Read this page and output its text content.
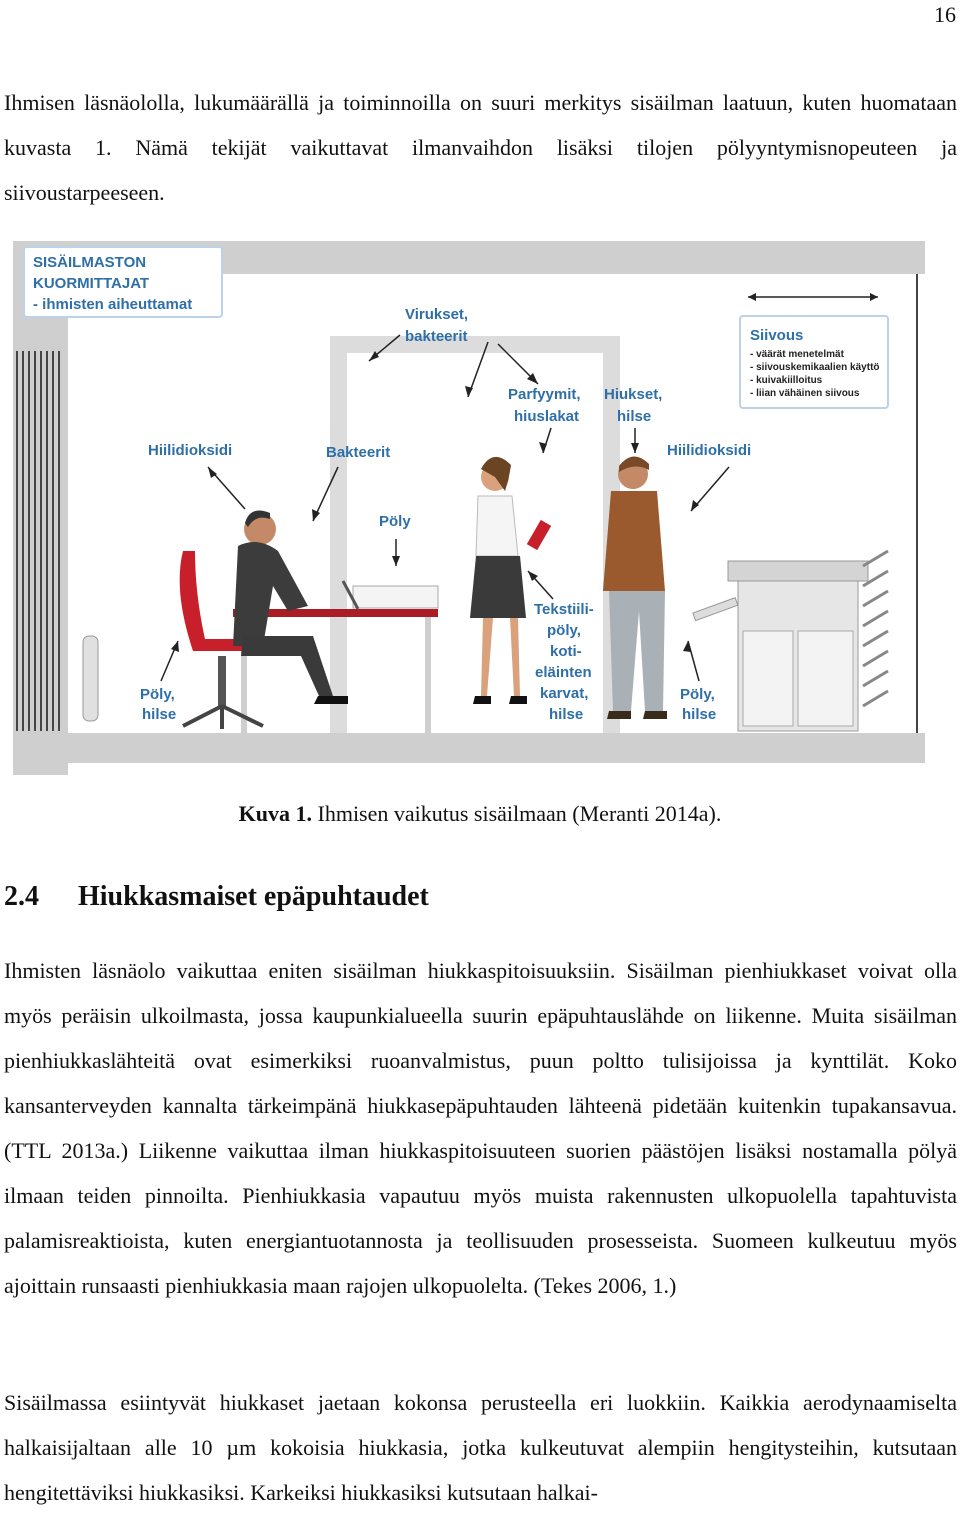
16

Ihmisen läsnäololla, lukumäärällä ja toiminnoilla on suuri merkitys sisäilman laatuun, kuten huomataan kuvasta 1. Nämä tekijät vaikuttavat ilmanvaihdon lisäksi tilojen pölyyntymisnopeuteen ja siivoustarpeeseen.

SISÄILMASTON
KUORMITTAJAT
- ihmisten aiheuttamat
Siivous
- väärät menetelmät
- siivouskemikaalien käyttö
- kuivakiilloitus
- liian vähäinen siivous
Virukset,
bakteerit
Parfyymit,
hiuslakat
Hiukset,
hilse
Hiilidioksidi	Bakteerit
Pöly
Hiilidioksidi
Tekstiili-
pöly,
koti-
eläinten
karvat,
hilse
Pöly,
hilse
Pöly,
hilse
Kuva 1. Ihmisen vaikutus sisäilmaan (Meranti 2014a).
2.4 Hiukkasmaiset epäpuhtaudet

Ihmisten läsnäolo vaikuttaa eniten sisäilman hiukkaspitoisuuksiin. Sisäilman pienhiukkaset voivat olla myös peräisin ulkoilmasta, jossa kaupunkialueella suurin epäpuhtauslähde on liikenne. Muita sisäilman pienhiukkaslähteitä ovat esimerkiksi ruoanvalmistus, puun poltto tulisijoissa ja kynttilät. Koko kansanterveyden kannalta tärkeimpänä hiukkasepäpuhtauden lähteenä pidetään kuitenkin tupakansavua. (TTL 2013a.) Liikenne vaikuttaa ilman hiukkaspitoisuuteen suorien päästöjen lisäksi nostamalla pölyä ilmaan teiden pinnoilta. Pienhiukkasia vapautuu myös muista rakennusten ulkopuolella tapahtuvista palamisreaktioista, kuten energiantuotannosta ja teollisuuden prosesseista. Suomeen kulkeutuu myös ajoittain runsaasti pienhiukkasia maan rajojen ulkopuolelta. (Tekes 2006, 1.)

Sisäilmassa esiintyvät hiukkaset jaetaan kokonsa perusteella eri luokkiin. Kaikkia aerodynaamiselta halkaisijaltaan alle 10 µm kokoisia hiukkasia, jotka kulkeutuvat alempiin hengitysteihin, kutsutaan hengitettäviksi hiukkasiksi. Karkeiksi hiukkasiksi kutsutaan halkai-
